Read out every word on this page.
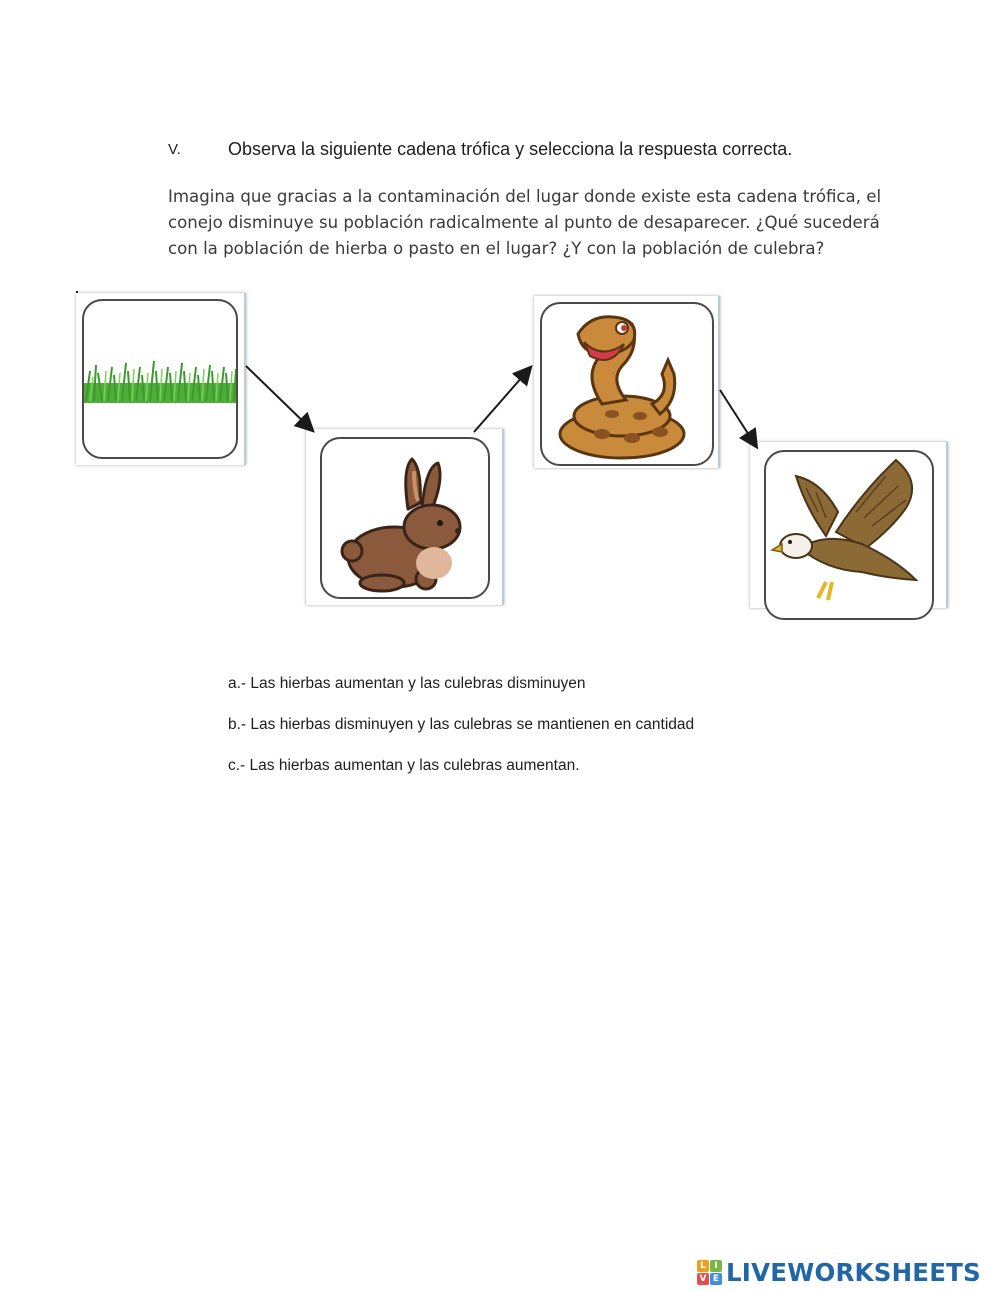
V.	Observa la siguiente cadena trófica y selecciona la respuesta correcta.

Imagina que gracias a la contaminación del lugar donde existe esta cadena trófica, el
conejo disminuye su población radicalmente al punto de desaparecer. ¿Qué sucederá
con la población de hierba o pasto en el lugar? ¿Y con la población de culebra?

a.- Las hierbas aumentan y las culebras disminuyen
b.- Las hierbas disminuyen y las culebras se mantienen en cantidad
c.- Las hierbas aumentan y las culebras aumentan.
L I
V E LIVEWORKSHEETS
